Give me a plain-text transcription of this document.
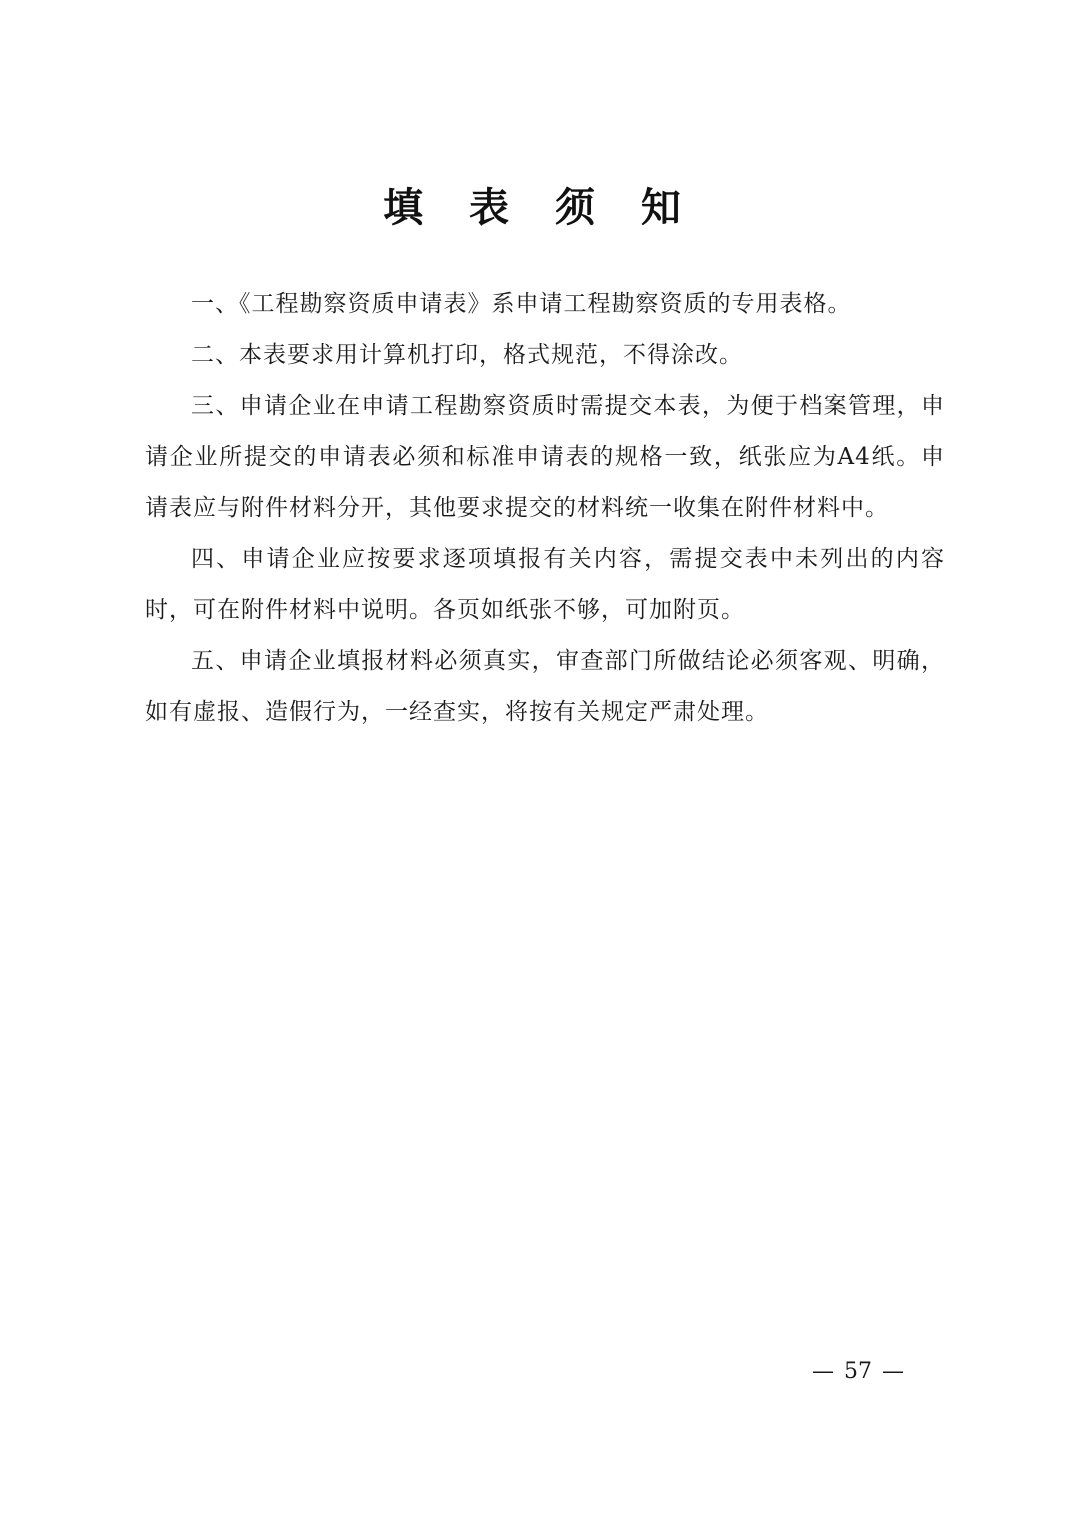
填 表 须 知

一、《工程勘察资质申请表》系申请工程勘察资质的专用表格。

二、本表要求用计算机打印，格式规范，不得涂改。

三、申请企业在申请工程勘察资质时需提交本表，为便于档案管理，申请企业所提交的申请表必须和标准申请表的规格一致，纸张应为A4纸。申请表应与附件材料分开，其他要求提交的材料统一收集在附件材料中。

四、申请企业应按要求逐项填报有关内容，需提交表中未列出的内容时，可在附件材料中说明。各页如纸张不够，可加附页。

五、申请企业填报材料必须真实，审查部门所做结论必须客观、明确，如有虚报、造假行为，一经查实，将按有关规定严肃处理。

— 57 —
